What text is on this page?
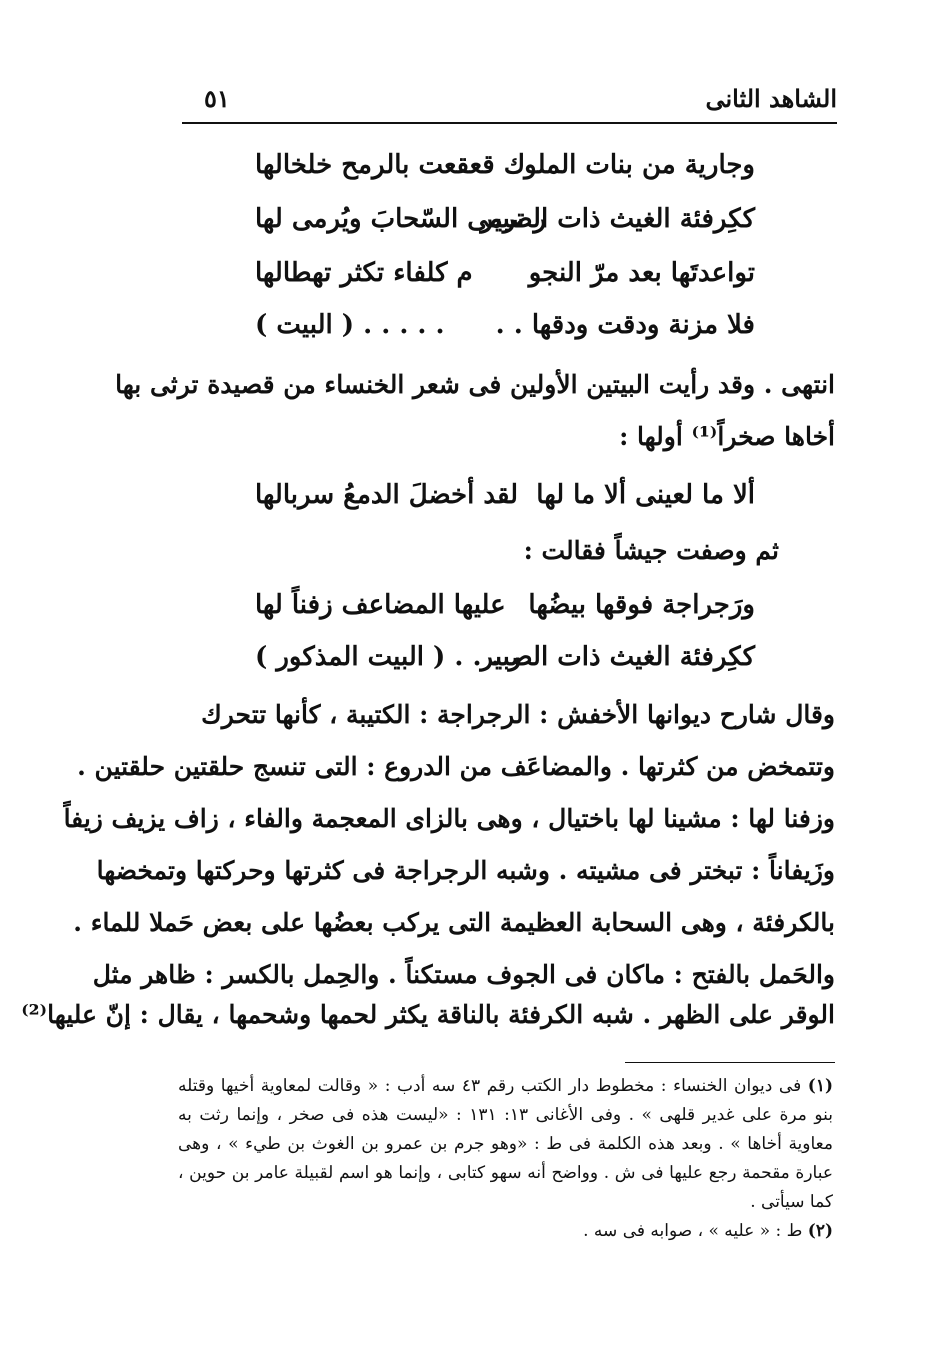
الشاهد الثانى
٥١
وجارية من بنات الملو
ك قعقعت بالرمح خلخالها
ككِرفئة الغيث ذات الصبير
ر ترمى السّحابَ ويُرمى لها
تواعدتَها بعد مرّ النجو
م كلفاء تكثر تهطالها
فلا مزنة ودقت ودقها . .
. . . . . ( البيت )
انتهى . وقد رأيت البيتين الأولين فى شعر الخنساء من قصيدة ترثى بها
أخاها صخراً⁽¹⁾ أولها :
ألا ما لعينى ألا ما لها
لقد أخضلَ الدمعُ سربالها
ثم وصفت جيشاً فقالت :
ورَجراجة فوقها بيضُها
عليها المضاعف زفناً لها
ككِرفئة الغيث ذات الصبير
ر . . . ( البيت المذكور )
وقال شارح ديوانها الأخفش : الرجراجة : الكتيبة ، كأنها تتحرك
وتتمخض من كثرتها . والمضاعَف من الدروع : التى تنسج حلقتين حلقتين .
وزفنا لها : مشينا لها باختيال ، وهى بالزاى المعجمة والفاء ، زاف يزيف زيفاً
وزَيفاناً : تبختر فى مشيته . وشبه الرجراجة فى كثرتها وحركتها وتمخضها
بالكرفئة ، وهى السحابة العظيمة التى يركب بعضُها على بعض حَملا للماء .
والحَمل بالفتح : ماكان فى الجوف مستكناً . والحِمل بالكسر : ظاهر مثل
الوقر على الظهر . شبه الكرفئة بالناقة يكثر لحمها وشحمها ، يقال : إنّ عليها⁽²⁾

(١) فى ديوان الخنساء : مخطوط دار الكتب رقم ٤٣ سه أدب : « وقالت لمعاوية أخيها وقتله بنو مرة على غدير قلهى » . وفى الأغانى ١٣: ١٣١ : «ليست هذه فى صخر ، وإنما رثت به معاوية أخاها » . وبعد هذه الكلمة فى ط : «وهو جرم بن عمرو بن الغوث بن طيء » ، وهى عبارة مقحمة رجع عليها فى ش . وواضح أنه سهو كتابى ، وإنما هو اسم لقبيلة عامر بن حوين ، كما سيأتى .

(٢) ط : « عليه » ، صوابه فى سه .
